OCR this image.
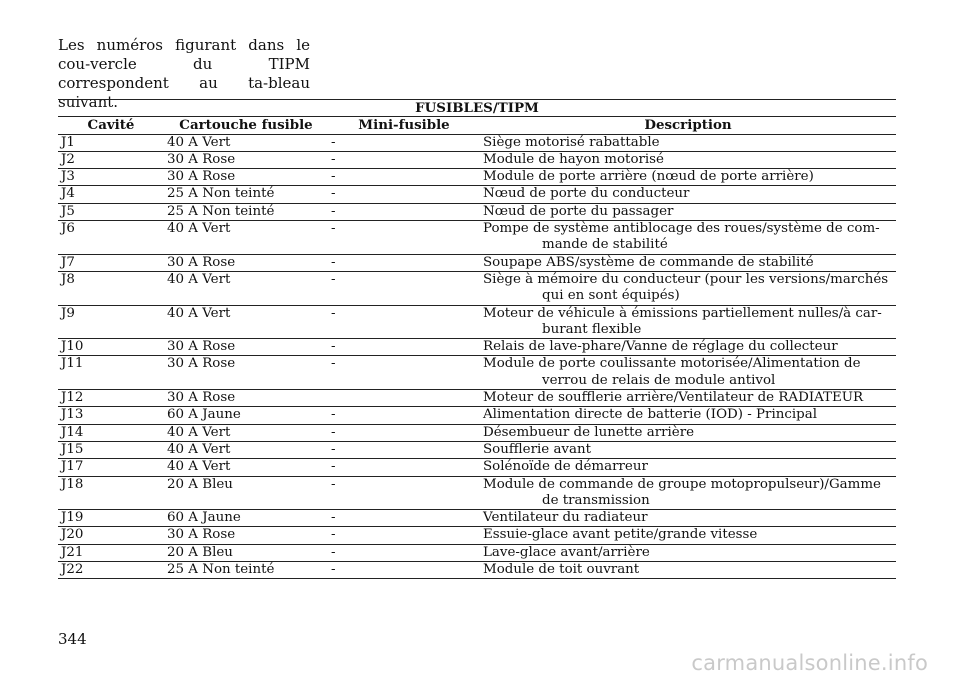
Les numéros figurant dans le cou-vercle du TIPM correspondent au ta-bleau suivant.	FUSIBLES/TIPM			
Cavité	Cartouche fusible	Mini-fusible	Description
J1	40 A Vert	-	Siège motorisé rabattable
J2	30 A Rose	-	Module de hayon motorisé
J3	30 A Rose	-	Module de porte arrière (nœud de porte arrière)
J4	25 A Non teinté	-	Nœud de porte du conducteur
J5	25 A Non teinté	-	Nœud de porte du passager
J6	40 A Vert	-	Pompe de système antiblocage des roues/système de com-
mande de stabilité

J7	30 A Rose	-	Soupape ABS/système de commande de stabilité
J8	40 A Vert	-	Siège à mémoire du conducteur (pour les versions/marchés
qui en sont équipés)

J9	40 A Vert	-	Moteur de véhicule à émissions partiellement nulles/à car-
burant flexible

J10	30 A Rose	-	Relais de lave-phare/Vanne de réglage du collecteur
J11	30 A Rose	-	Module de porte coulissante motorisée/Alimentation de
verrou de relais de module antivol

J12	30 A Rose		Moteur de soufflerie arrière/Ventilateur de RADIATEUR
J13	60 A Jaune	-	Alimentation directe de batterie (IOD) - Principal
J14	40 A Vert	-	Désembueur de lunette arrière
J15	40 A Vert	-	Soufflerie avant
J17	40 A Vert	-	Solénoïde de démarreur
J18	20 A Bleu	-	Module de commande de groupe motopropulseur)/Gamme
de transmission

J19	60 A Jaune	-	Ventilateur du radiateur
J20	30 A Rose	-	Essuie-glace avant petite/grande vitesse
J21	20 A Bleu	-	Lave-glace avant/arrière
J22	25 A Non teinté	-	Module de toit ouvrant

344

carmanualsonline.info
